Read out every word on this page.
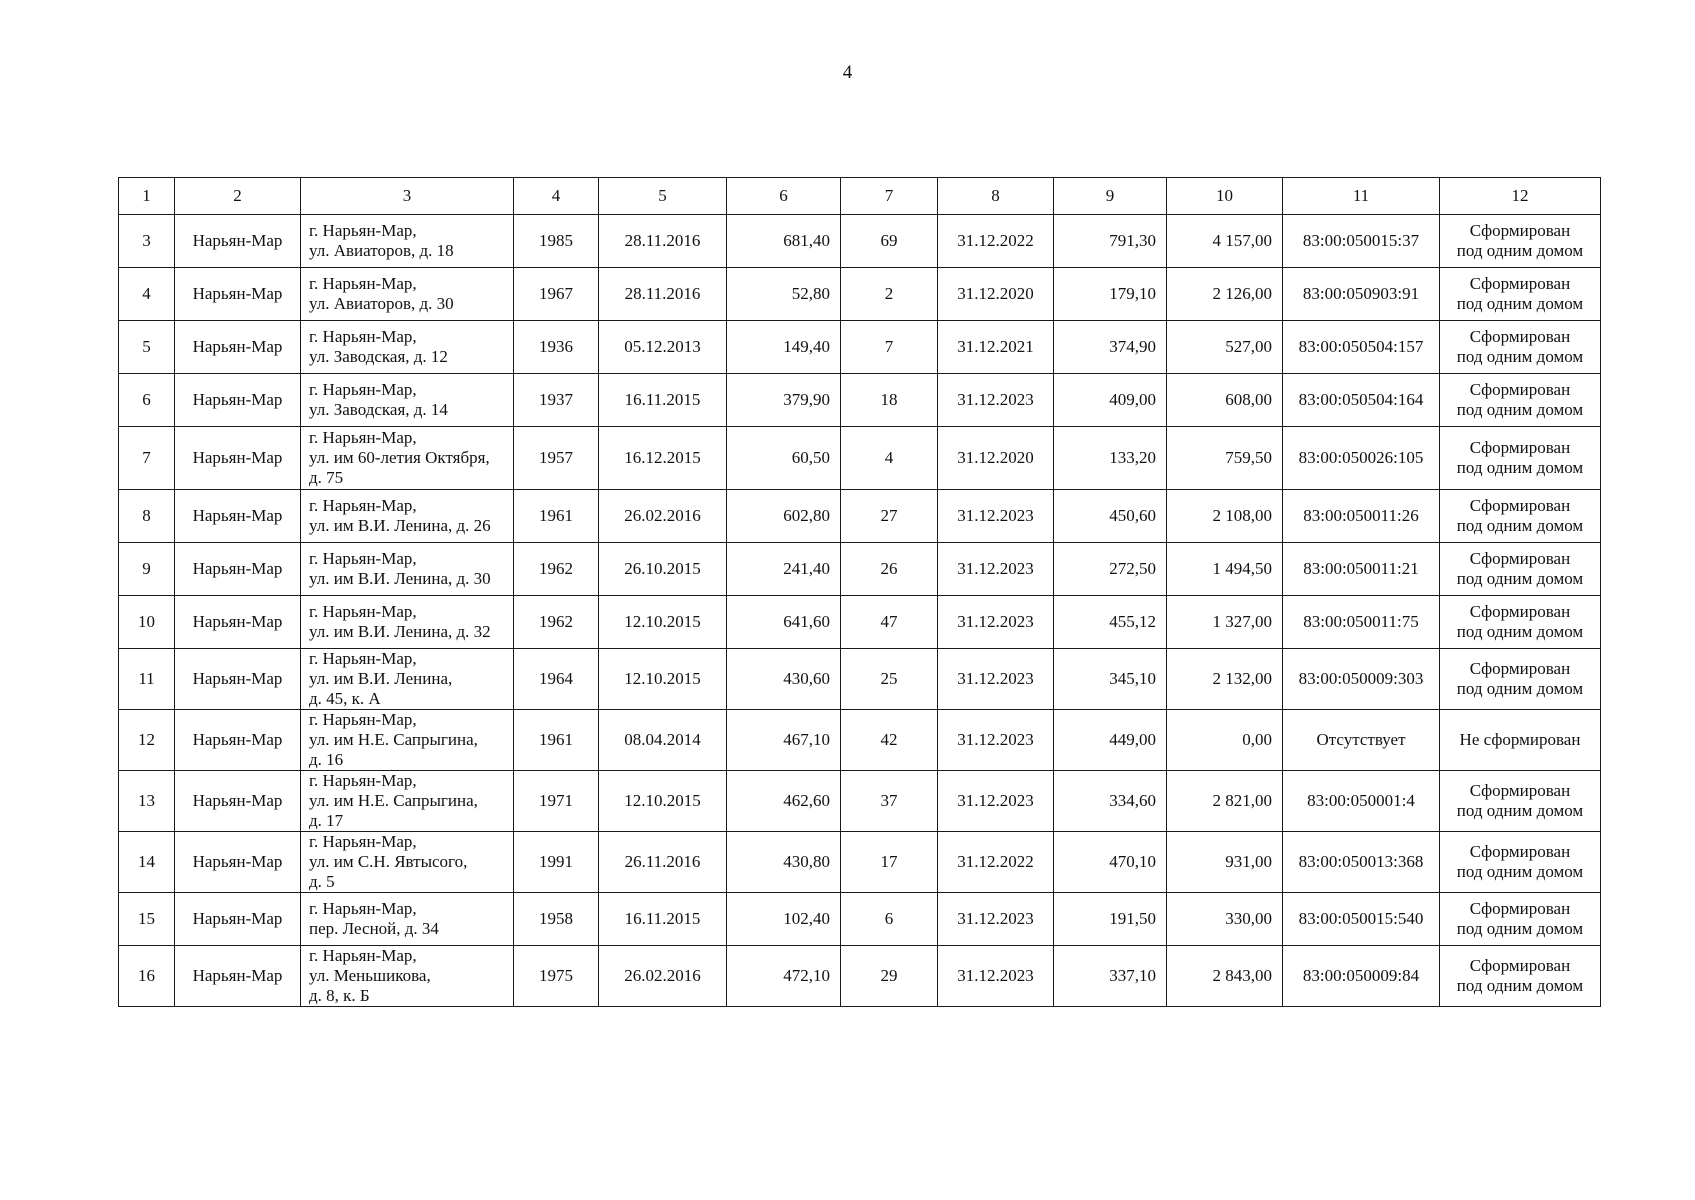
4
1	2	3	4	5	6	7	8	9	10	11	12
3	Нарьян-Мар	г. Нарьян-Мар,
ул. Авиаторов, д. 18	1985	28.11.2016	681,40	69	31.12.2022	791,30	4 157,00	83:00:050015:37	Сформирован
под одним домом

4	Нарьян-Мар	г. Нарьян-Мар,
ул. Авиаторов, д. 30	1967	28.11.2016	52,80	2	31.12.2020	179,10	2 126,00	83:00:050903:91	Сформирован
под одним домом

5	Нарьян-Мар	г. Нарьян-Мар,
ул. Заводская, д. 12	1936	05.12.2013	149,40	7	31.12.2021	374,90	527,00	83:00:050504:157	Сформирован
под одним домом

6	Нарьян-Мар	г. Нарьян-Мар,
ул. Заводская, д. 14	1937	16.11.2015	379,90	18	31.12.2023	409,00	608,00	83:00:050504:164	Сформирован
под одним домом

7	Нарьян-Мар	г. Нарьян-Мар,
ул. им 60-летия Октября,
д. 75	1957	16.12.2015	60,50	4	31.12.2020	133,20	759,50	83:00:050026:105	Сформирован
под одним домом

8	Нарьян-Мар	г. Нарьян-Мар,
ул. им В.И. Ленина, д. 26	1961	26.02.2016	602,80	27	31.12.2023	450,60	2 108,00	83:00:050011:26	Сформирован
под одним домом

9	Нарьян-Мар	г. Нарьян-Мар,
ул. им В.И. Ленина, д. 30	1962	26.10.2015	241,40	26	31.12.2023	272,50	1 494,50	83:00:050011:21	Сформирован
под одним домом

10	Нарьян-Мар	г. Нарьян-Мар,
ул. им В.И. Ленина, д. 32	1962	12.10.2015	641,60	47	31.12.2023	455,12	1 327,00	83:00:050011:75	Сформирован
под одним домом

11	Нарьян-Мар	г. Нарьян-Мар,
ул. им В.И. Ленина,
д. 45, к. А	1964	12.10.2015	430,60	25	31.12.2023	345,10	2 132,00	83:00:050009:303	Сформирован
под одним домом

12	Нарьян-Мар	г. Нарьян-Мар,
ул. им Н.Е. Сапрыгина,
д. 16	1961	08.04.2014	467,10	42	31.12.2023	449,00	0,00	Отсутствует	Не сформирован

13	Нарьян-Мар	г. Нарьян-Мар,
ул. им Н.Е. Сапрыгина,
д. 17	1971	12.10.2015	462,60	37	31.12.2023	334,60	2 821,00	83:00:050001:4	Сформирован
под одним домом

14	Нарьян-Мар	г. Нарьян-Мар,
ул. им С.Н. Явтысого,
д. 5	1991	26.11.2016	430,80	17	31.12.2022	470,10	931,00	83:00:050013:368	Сформирован
под одним домом

15	Нарьян-Мар	г. Нарьян-Мар,
пер. Лесной, д. 34	1958	16.11.2015	102,40	6	31.12.2023	191,50	330,00	83:00:050015:540	Сформирован
под одним домом

16	Нарьян-Мар	г. Нарьян-Мар,
ул. Меньшикова,
д. 8, к. Б	1975	26.02.2016	472,10	29	31.12.2023	337,10	2 843,00	83:00:050009:84	Сформирован
под одним домом
